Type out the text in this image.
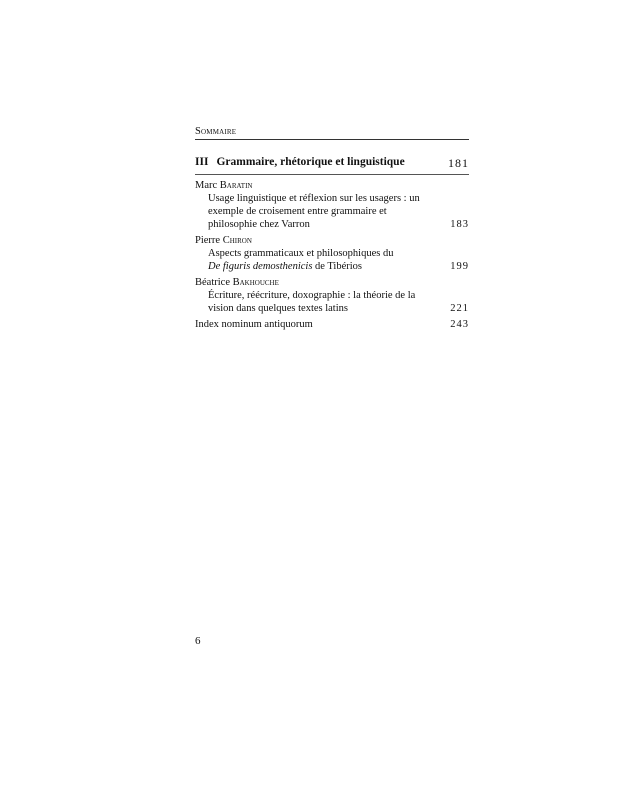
Sommaire
III Grammaire, rhétorique et linguistique	181
Marc Baratin
Usage linguistique et réflexion sur les usagers : un exemple de croisement entre grammaire et philosophie chez Varron	183
Pierre Chiron
Aspects grammaticaux et philosophiques du
De figuris demosthenicis de Tibérios	199
Béatrice Bakhouche
Écriture, réécriture, doxographie : la théorie de la vision dans quelques textes latins	221
Index nominum antiquorum	243
6
